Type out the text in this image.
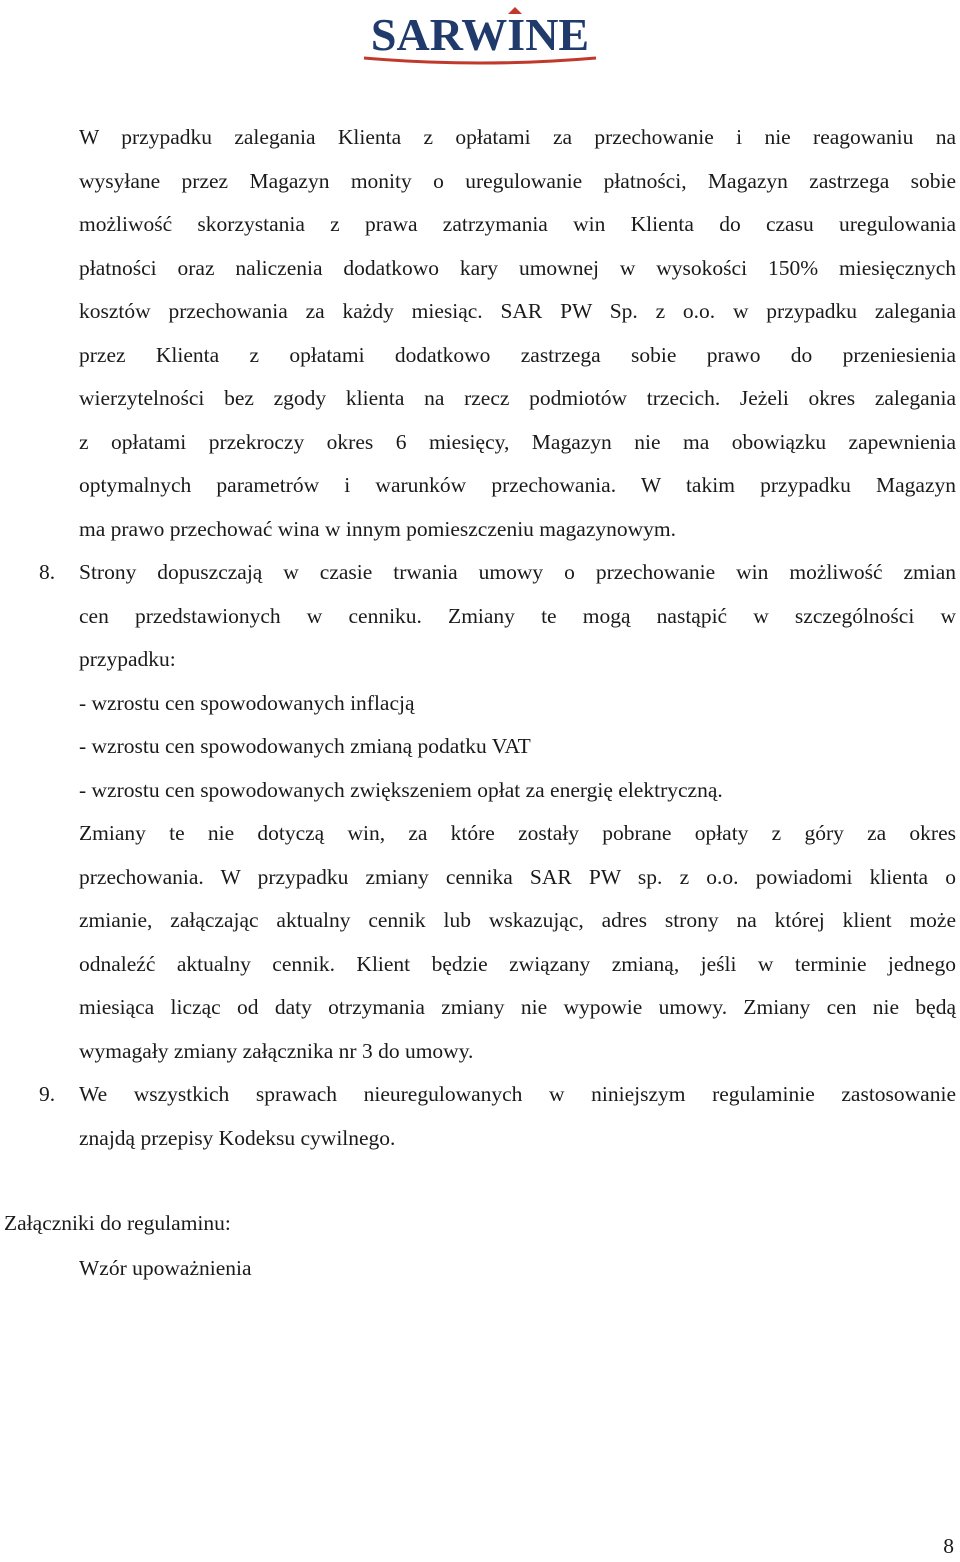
SARWINE
W przypadku zalegania Klienta z opłatami za przechowanie i nie reagowaniu na
wysyłane przez Magazyn monity o uregulowanie płatności, Magazyn zastrzega sobie
możliwość skorzystania z prawa zatrzymania win Klienta do czasu uregulowania
płatności oraz naliczenia dodatkowo kary umownej w wysokości 150% miesięcznych
kosztów przechowania za każdy miesiąc. SAR PW Sp. z o.o. w przypadku zalegania
przez Klienta z opłatami dodatkowo zastrzega sobie prawo do przeniesienia
wierzytelności bez zgody klienta na rzecz podmiotów trzecich. Jeżeli okres zalegania
z opłatami przekroczy okres 6 miesięcy, Magazyn nie ma obowiązku zapewnienia
optymalnych parametrów i warunków przechowania. W takim przypadku Magazyn
ma prawo przechować wina w innym pomieszczeniu magazynowym.
8. Strony dopuszczają w czasie trwania umowy o przechowanie win możliwość zmian
cen przedstawionych w cenniku. Zmiany te mogą nastąpić w szczególności w
przypadku:
- wzrostu cen spowodowanych inflacją
- wzrostu cen spowodowanych zmianą podatku VAT
- wzrostu cen spowodowanych zwiększeniem opłat za energię elektryczną.
Zmiany te nie dotyczą win, za które zostały pobrane opłaty z góry za okres
przechowania. W przypadku zmiany cennika SAR PW sp. z o.o. powiadomi klienta o
zmianie, załączając aktualny cennik lub wskazując, adres strony na której klient może
odnaleźć aktualny cennik. Klient będzie związany zmianą, jeśli w terminie jednego
miesiąca licząc od daty otrzymania zmiany nie wypowie umowy. Zmiany cen nie będą
wymagały zmiany załącznika nr 3 do umowy.
9. We wszystkich sprawach nieuregulowanych w niniejszym regulaminie zastosowanie
znajdą przepisy Kodeksu cywilnego.
Załączniki do regulaminu:
Wzór upoważnienia
8
